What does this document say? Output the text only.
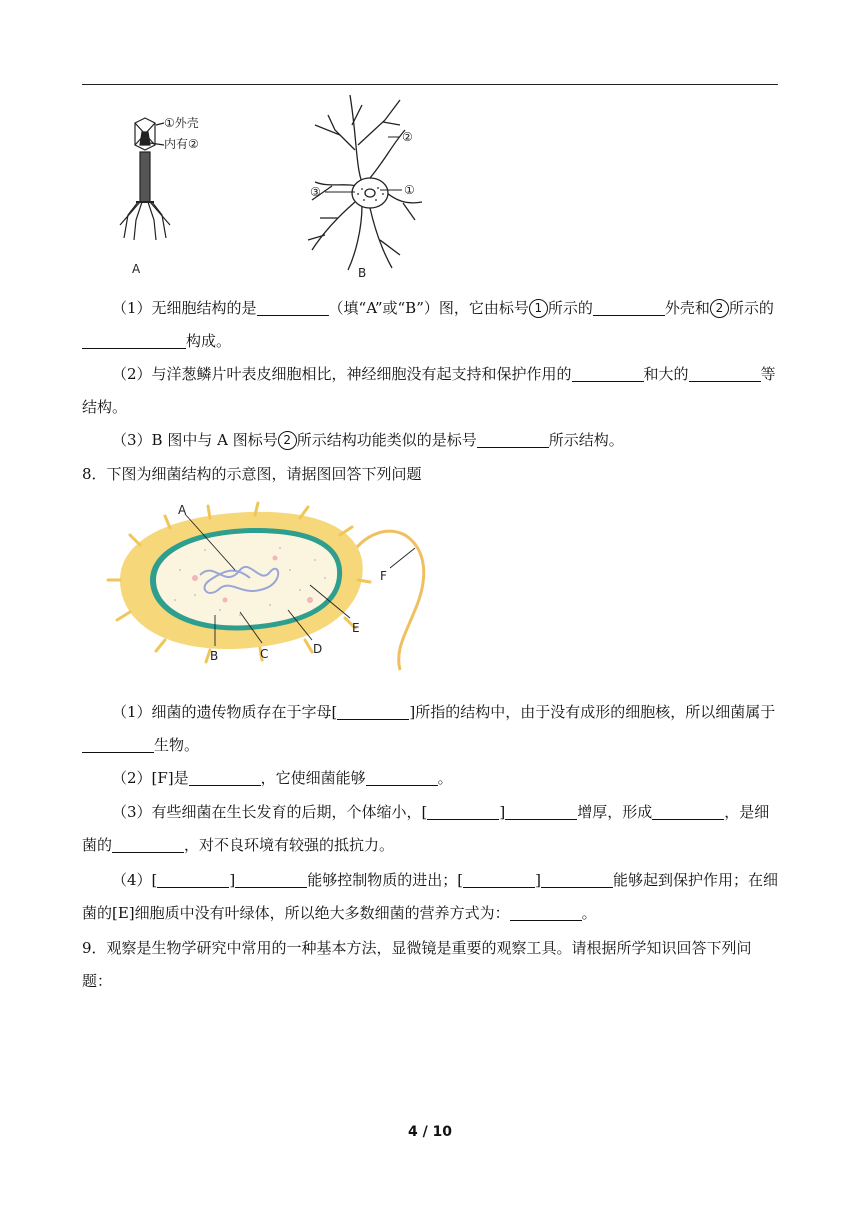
①外壳
内有②
A
②
③	①
B

（1）无细胞结构的是	（填“A”或“B”）图，它由标号 1 所示的	外壳和 2 所示的构成。

（2）与洋葱鳞片叶表皮细胞相比，神经细胞没有起支持和保护作用的	和大的	等结构。

（3）B 图中与 A 图标号 2 所示结构功能类似的是标号	所示结构。

8．下图为细菌结构的示意图，请据图回答下列问题

A
B	C	D
E
F

（1）细菌的遗传物质存在于字母[	]所指的结构中，由于没有成形的细胞核，所以细菌属于生物。

（2）[F]是	，它使细菌能够	。

（3）有些细菌在生长发育的后期，个体缩小，[	]	增厚，形成	，是细菌的	，对不良环境有较强的抵抗力。

（4）[	]	能够控制物质的进出；[	]	能够起到保护作用；在细菌的[E]细胞质中没有叶绿体，所以绝大多数细菌的营养方式为：	。

9．观察是生物学研究中常用的一种基本方法，显微镜是重要的观察工具。请根据所学知识回答下列问题：

4 / 10
